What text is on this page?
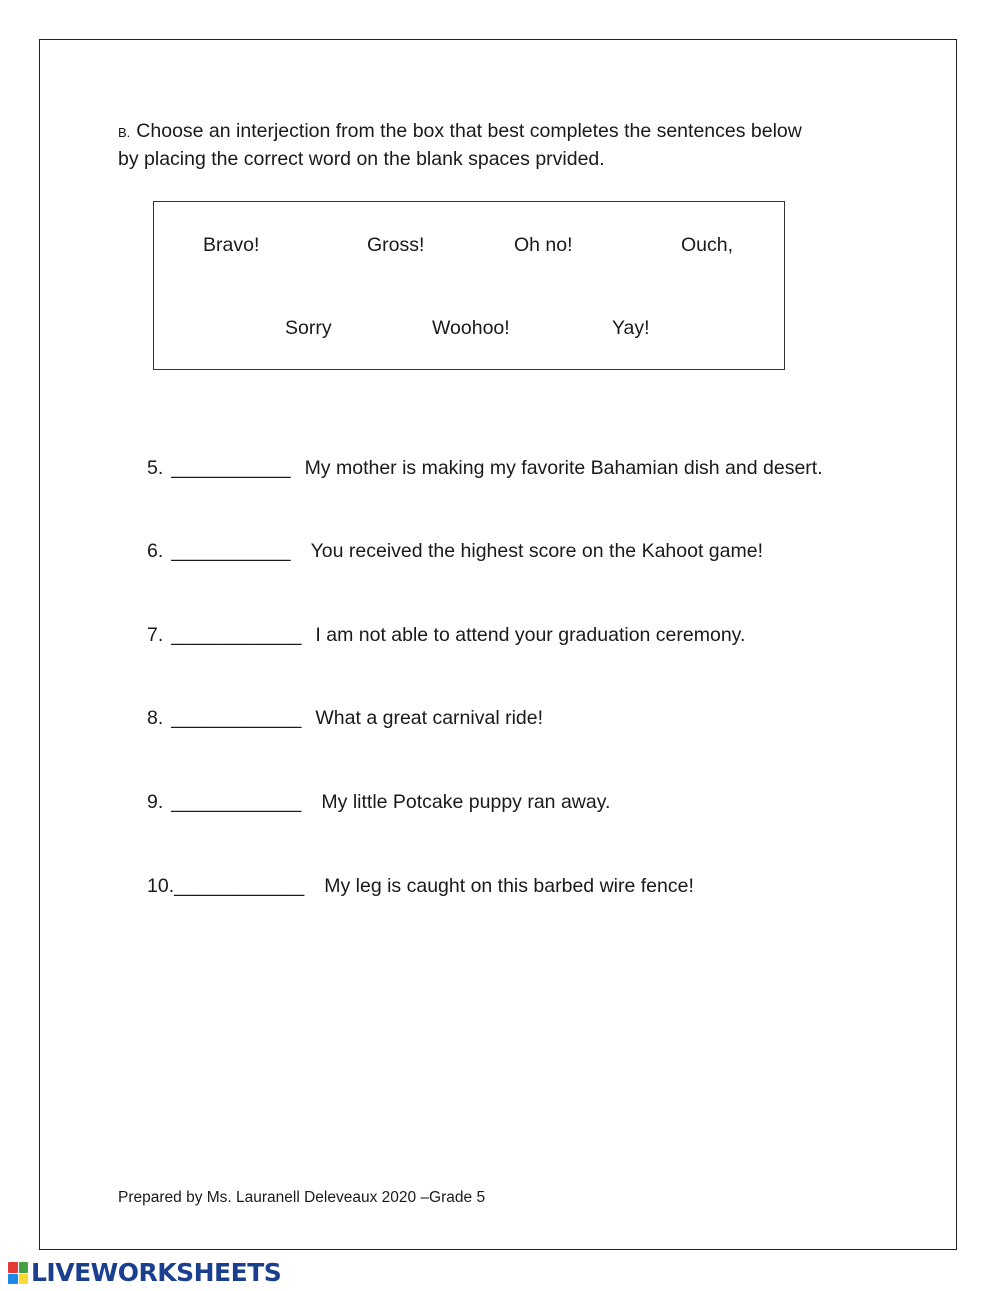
B. Choose an interjection from the box that best completes the sentences below
by placing the correct word on the blank spaces prvided.
Bravo!	Gross!	Oh no!	Ouch,
Sorry	Woohoo!	Yay!
5. ___________ My mother is making my favorite Bahamian dish and desert.
6. ___________ You received the highest score on the Kahoot game!
7. ____________ I am not able to attend your graduation ceremony.
8. ____________ What a great carnival ride!
9. ____________ My little Potcake puppy ran away.
10.____________ My leg is caught on this barbed wire fence!
Prepared by Ms. Lauranell Deleveaux 2020 –Grade 5
LIVEWORKSHEETS
